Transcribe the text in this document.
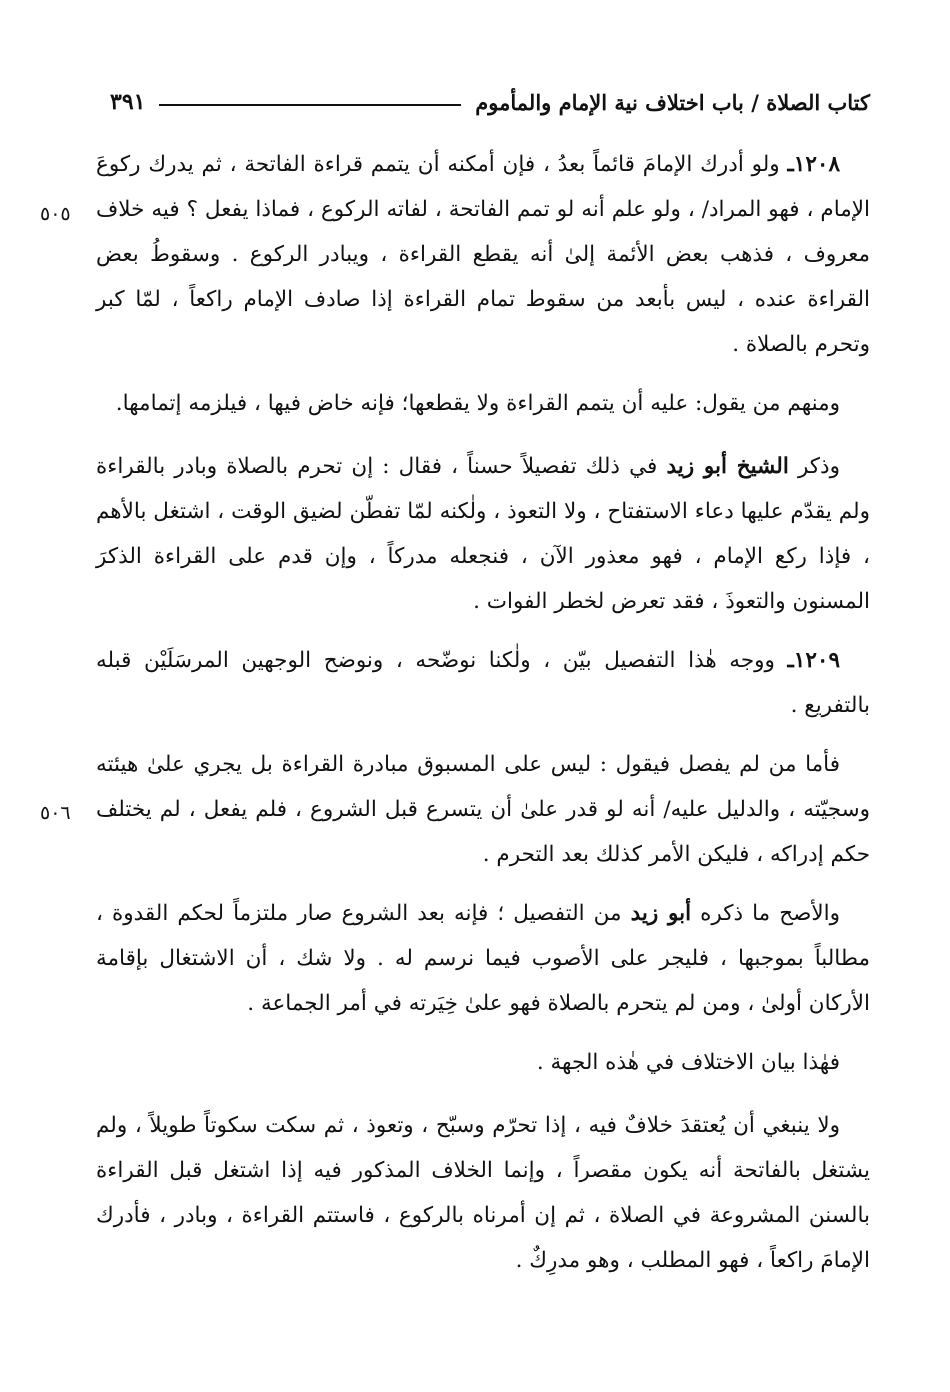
كتاب الصلاة / باب اختلاف نية الإمام والمأموم
٣٩١
٥٠٥
٥٠٦

١٢٠٨ـ ولو أدرك الإمامَ قائماً بعدُ ، فإن أمكنه أن يتمم قراءة الفاتحة ، ثم يدرك ركوعَ الإمام ، فهو المراد/ ، ولو علم أنه لو تمم الفاتحة ، لفاته الركوع ، فماذا يفعل ؟ فيه خلاف معروف ، فذهب بعض الأئمة إلىٰ أنه يقطع القراءة ، ويبادر الركوع . وسقوطُ بعض القراءة عنده ، ليس بأبعد من سقوط تمام القراءة إذا صادف الإمام راكعاً ، لمّا كبر وتحرم بالصلاة .

ومنهم من يقول: عليه أن يتمم القراءة ولا يقطعها؛ فإنه خاض فيها ، فيلزمه إتمامها.

وذكر الشيخ أبو زيد في ذلك تفصيلاً حسناً ، فقال : إن تحرم بالصلاة وبادر بالقراءة ولم يقدّم عليها دعاء الاستفتاح ، ولا التعوذ ، ولٰكنه لمّا تفطّن لضيق الوقت ، اشتغل بالأهم ، فإذا ركع الإمام ، فهو معذور الآن ، فنجعله مدركاً ، وإن قدم على القراءة الذكرَ المسنون والتعوذَ ، فقد تعرض لخطر الفوات .

١٢٠٩ـ ووجه هٰذا التفصيل بيّن ، ولٰكنا نوضّحه ، ونوضح الوجهين المرسَلَيْن قبله بالتفريع .

فأما من لم يفصل فيقول : ليس على المسبوق مبادرة القراءة بل يجري علىٰ هيئته وسجيّته ، والدليل عليه/ أنه لو قدر علىٰ أن يتسرع قبل الشروع ، فلم يفعل ، لم يختلف حكم إدراكه ، فليكن الأمر كذلك بعد التحرم .

والأصح ما ذكره أبو زيد من التفصيل ؛ فإنه بعد الشروع صار ملتزماً لحكم القدوة ، مطالباً بموجبها ، فليجر على الأصوب فيما نرسم له . ولا شك ، أن الاشتغال بإقامة الأركان أولىٰ ، ومن لم يتحرم بالصلاة فهو علىٰ خِيَرته في أمر الجماعة .

فهٰذا بيان الاختلاف في هٰذه الجهة .

ولا ينبغي أن يُعتقدَ خلافٌ فيه ، إذا تحرّم وسبّح ، وتعوذ ، ثم سكت سكوتاً طويلاً ، ولم يشتغل بالفاتحة أنه يكون مقصراً ، وإنما الخلاف المذكور فيه إذا اشتغل قبل القراءة بالسنن المشروعة في الصلاة ، ثم إن أمرناه بالركوع ، فاستتم القراءة ، وبادر ، فأدرك الإمامَ راكعاً ، فهو المطلب ، وهو مدرِكٌ .
